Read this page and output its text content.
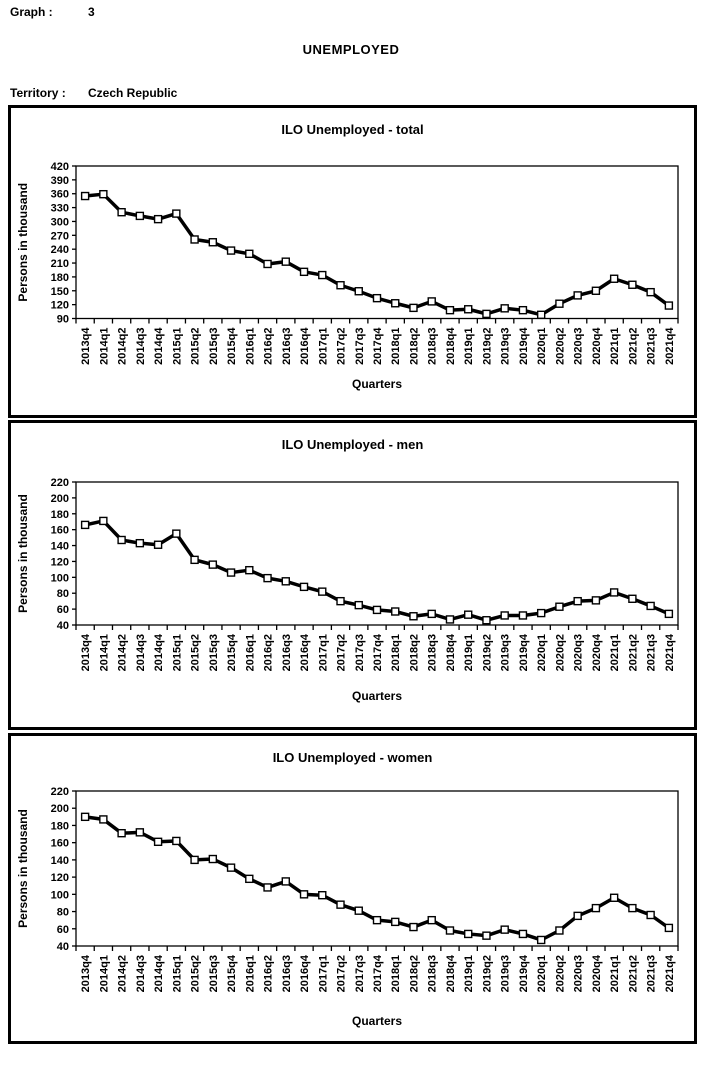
Graph :	3
UNEMPLOYED
Territory : Czech Republic
ILO Unemployed - total
90
120
150
180
210
240
270
300
330
360
390
420
2013q4 2014q1 2014q2 2014q3 2014q4 2015q1 2015q2 2015q3 2015q4 2016q1 2016q2 2016q3 2016q4 2017q1 2017q2 2017q3 2017q4 2018q1 2018q2 2018q3 2018q4 2019q1 2019q2 2019q3 2019q4 2020q1 2020q2 2020q3 2020q4 2021q1 2021q2 2021q3 2021q4
Persons in thousand
Quarters
ILO Unemployed - men
40
60
80
100
120
140
160
180
200
220
2013q4 2014q1 2014q2 2014q3 2014q4 2015q1 2015q2 2015q3 2015q4 2016q1 2016q2 2016q3 2016q4 2017q1 2017q2 2017q3 2017q4 2018q1 2018q2 2018q3 2018q4 2019q1 2019q2 2019q3 2019q4 2020q1 2020q2 2020q3 2020q4 2021q1 2021q2 2021q3 2021q4
Persons in thousand
Quarters
ILO Unemployed - women
40
60
80
100
120
140
160
180
200
220
2013q4 2014q1 2014q2 2014q3 2014q4 2015q1 2015q2 2015q3 2015q4 2016q1 2016q2 2016q3 2016q4 2017q1 2017q2 2017q3 2017q4 2018q1 2018q2 2018q3 2018q4 2019q1 2019q2 2019q3 2019q4 2020q1 2020q2 2020q3 2020q4 2021q1 2021q2 2021q3 2021q4
Persons in thousand
Quarters
